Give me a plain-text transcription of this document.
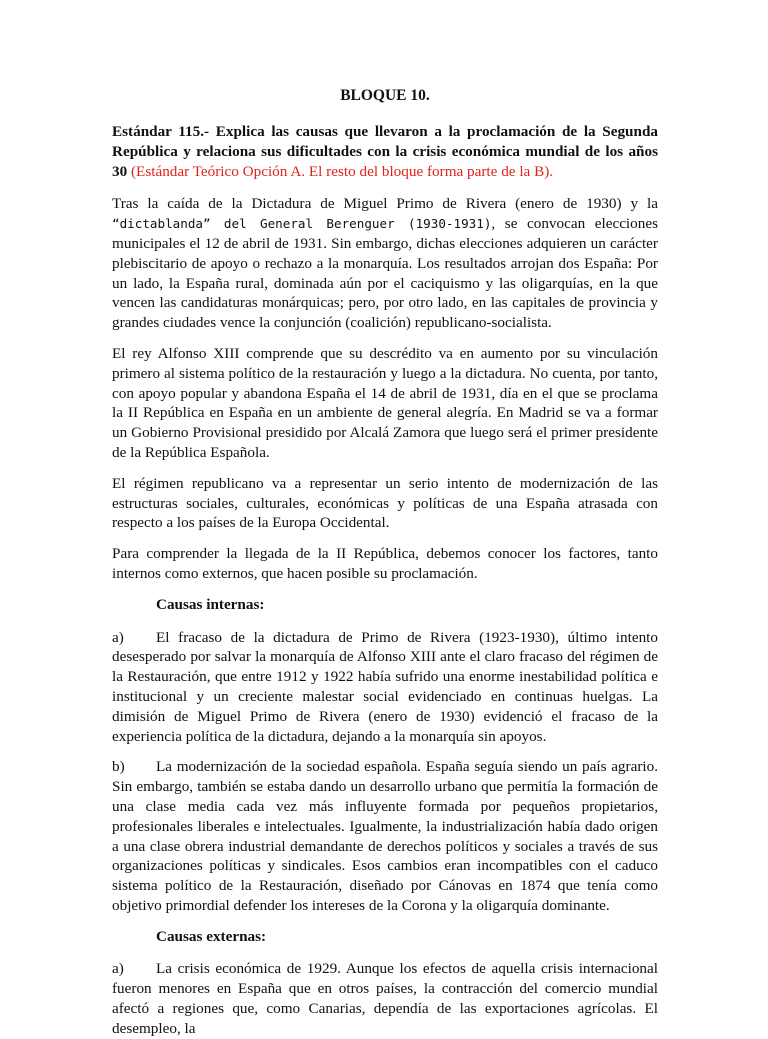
BLOQUE 10.

Estándar 115.- Explica las causas que llevaron a la proclamación de la Segunda República y relaciona sus dificultades con la crisis económica mundial de los años 30 (Estándar Teórico Opción A. El resto del bloque forma parte de la B).

Tras la caída de la Dictadura de Miguel Primo de Rivera (enero de 1930) y la “dictablanda” del General Berenguer (1930-1931), se convocan elecciones municipales el 12 de abril de 1931. Sin embargo, dichas elecciones adquieren un carácter plebiscitario de apoyo o rechazo a la monarquía. Los resultados arrojan dos España: Por un lado, la España rural, dominada aún por el caciquismo y las oligarquías, en la que vencen las candidaturas monárquicas; pero, por otro lado, en las capitales de provincia y grandes ciudades vence la conjunción (coalición) republicano-socialista.

El rey Alfonso XIII comprende que su descrédito va en aumento por su vinculación primero al sistema político de la restauración y luego a la dictadura. No cuenta, por tanto, con apoyo popular y abandona España el 14 de abril de 1931, día en el que se proclama la II República en España en un ambiente de general alegría. En Madrid se va a formar un Gobierno Provisional presidido por Alcalá Zamora que luego será el primer presidente de la República Española.

El régimen republicano va a representar un serio intento de modernización de las estructuras sociales, culturales, económicas y políticas de una España atrasada con respecto a los países de la Europa Occidental.

Para comprender la llegada de la II República, debemos conocer los factores, tanto internos como externos, que hacen posible su proclamación.

Causas internas:

a) El fracaso de la dictadura de Primo de Rivera (1923-1930), último intento desesperado por salvar la monarquía de Alfonso XIII ante el claro fracaso del régimen de la Restauración, que entre 1912 y 1922 había sufrido una enorme inestabilidad política e institucional y un creciente malestar social evidenciado en continuas huelgas. La dimisión de Miguel Primo de Rivera (enero de 1930) evidenció el fracaso de la experiencia política de la dictadura, dejando a la monarquía sin apoyos.

b) La modernización de la sociedad española. España seguía siendo un país agrario. Sin embargo, también se estaba dando un desarrollo urbano que permitía la formación de una clase media cada vez más influyente formada por pequeños propietarios, profesionales liberales e intelectuales. Igualmente, la industrialización había dado origen a una clase obrera industrial demandante de derechos políticos y sociales a través de sus organizaciones políticas y sindicales. Esos cambios eran incompatibles con el caduco sistema político de la Restauración, diseñado por Cánovas en 1874 que tenía como objetivo primordial defender los intereses de la Corona y la oligarquía dominante.

Causas externas:

a) La crisis económica de 1929. Aunque los efectos de aquella crisis internacional fueron menores en España que en otros países, la contracción del comercio mundial afectó a regiones que, como Canarias, dependía de las exportaciones agrícolas. El desempleo, la
